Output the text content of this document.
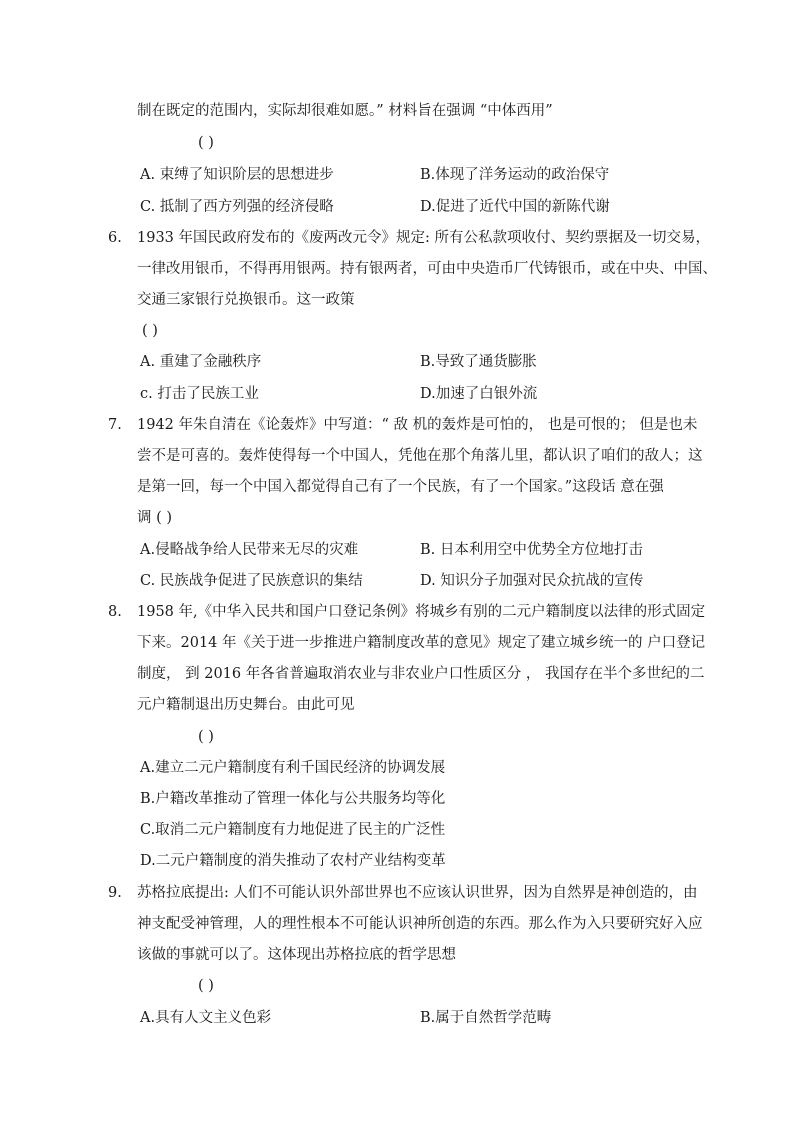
制在既定的范围内，实际却很难如愿。” 材料旨在强调 “中体西用”

( )

A. 束缚了知识阶层的思想进步	B.体现了洋务运动的政治保守

C. 抵制了西方列强的经济侵略	D.促进了近代中国的新陈代谢

6. 1933 年国民政府发布的《废两改元令》规定: 所有公私款项收付、契约票据及一切交易，

一律改用银币，不得再用银两。持有银两者，可由中央造币厂代铸银币，或在中央、中国、

交通三家银行兑换银币。这一政策

( )

A. 重建了金融秩序	B.导致了通货膨胀

c. 打击了民族工业	D.加速了白银外流

7. 1942 年朱自清在《论轰炸》中写道：“ 敌 机的轰炸是可怕的， 也是可恨的； 但是也未

尝不是可喜的。轰炸使得每一个中国人，凭他在那个角落儿里，都认识了咱们的敌人；这

是第一回，每一个中国入都觉得自己有了一个民族，有了一个国家。”这段话 意在强

调 ( )

A.侵略战争给人民带来无尽的灾难	B. 日本利用空中优势全方位地打击

C. 民族战争促进了民族意识的集结	D. 知识分子加强对民众抗战的宣传

8. 1958 年,《中华入民共和国户口登记条例》将城乡有别的二元户籍制度以法律的形式固定

下来。2014 年《关于进一步推进户籍制度改革的意见》规定了建立城乡统一的 户口登记

制度， 到 2016 年各省普遍取消农业与非农业户口性质区分 ， 我国存在半个多世纪的二

元户籍制退出历史舞台。由此可见

( )

A.建立二元户籍制度有利千国民经济的协调发展

B.户籍改革推动了管理一体化与公共服务均等化

C.取消二元户籍制度有力地促进了民主的广泛性

D.二元户籍制度的消失推动了农村产业结构变革

9. 苏格拉底提出: 人们不可能认识外部世界也不应该认识世界，因为自然界是神创造的，由

神支配受神管理，人的理性根本不可能认识神所创造的东西。那么作为入只要研究好入应

该做的事就可以了。这体现出苏格拉底的哲学思想

( )

A.具有人文主义色彩	B.属于自然哲学范畴
